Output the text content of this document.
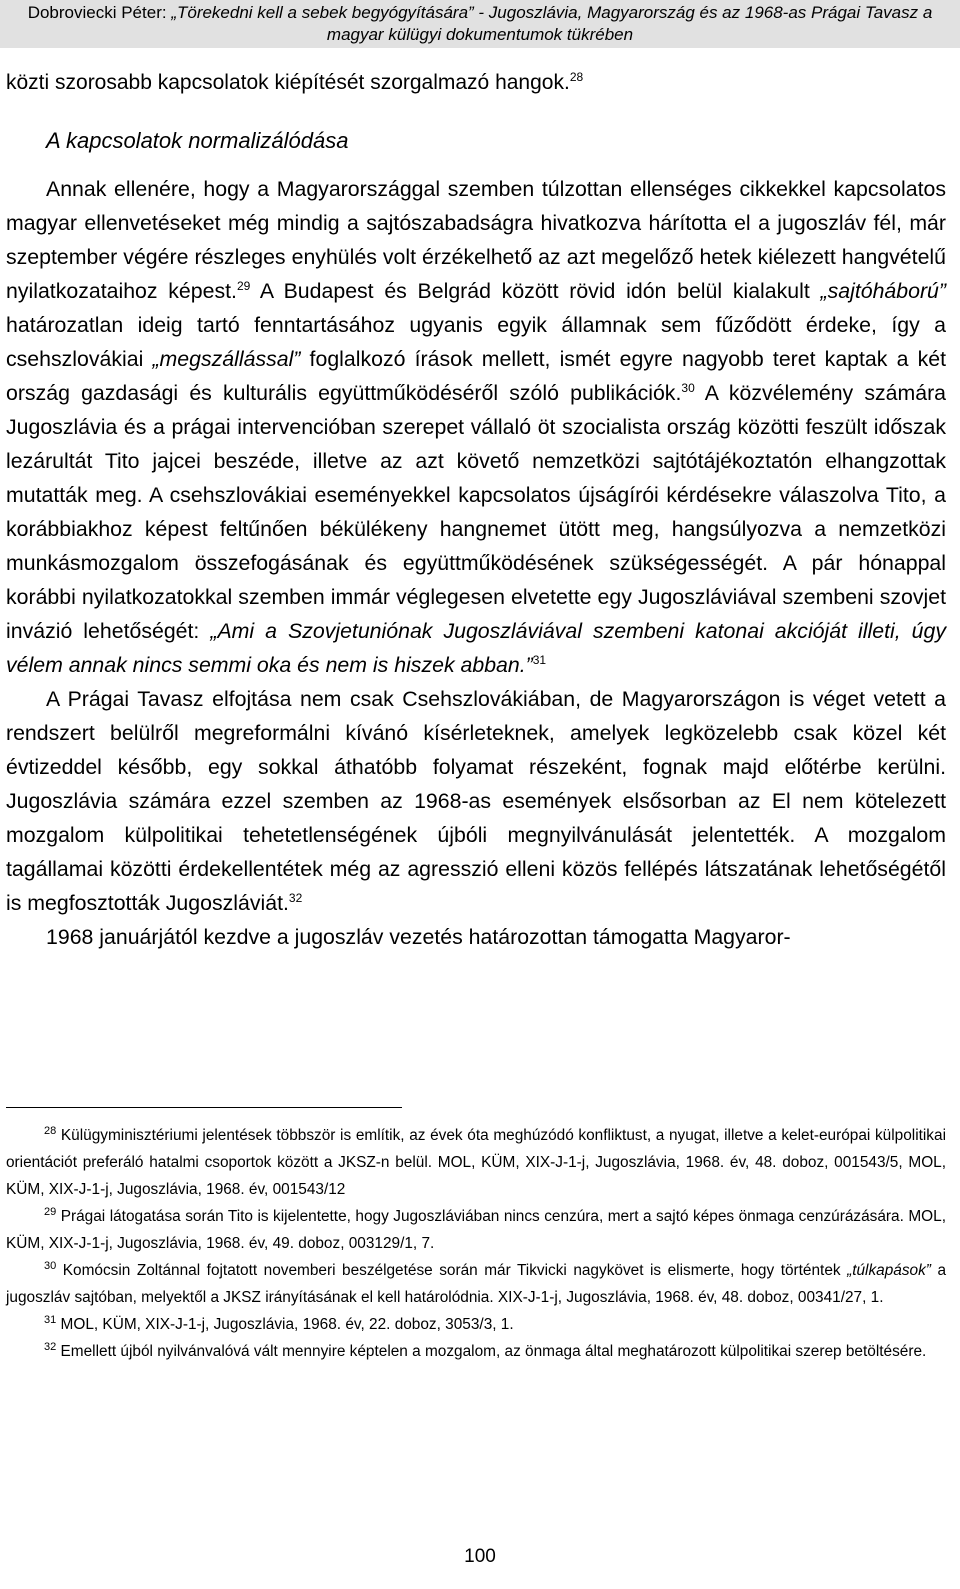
Dobroviecki Péter: „Törekedni kell a sebek begyógyítására” - Jugoszlávia, Magyarország és az 1968-as Prágai Tavasz a magyar külügyi dokumentumok tükrében

közti szorosabb kapcsolatok kiépítését szorgalmazó hangok.$^{28}$

A kapcsolatok normalizálódása

Annak ellenére, hogy a Magyarországgal szemben túlzottan ellenséges cikkekkel kapcsolatos magyar ellenvetéseket még mindig a sajtószabadságra hivatkozva hárította el a jugoszláv fél, már szeptember végére részleges enyhülés volt érzékelhető az azt megelőző hetek kiélezett hangvételű nyilatkozataihoz képest.$^{29}$ A Budapest és Belgrád között rövid idón belül kialakult „sajtóháború” határozatlan ideig tartó fenntartásához ugyanis egyik államnak sem fűződött érdeke, így a csehszlovákiai „megszállással” foglalkozó írások mellett, ismét egyre nagyobb teret kaptak a két ország gazdasági és kulturális együttműködéséről szóló publikációk.$^{30}$ A közvélemény számára Jugoszlávia és a prágai intervencióban szerepet vállaló öt szocialista ország közötti feszült időszak lezárultát Tito jajcei beszéde, illetve az azt követő nemzetközi sajtótájékoztatón elhangzottak mutatták meg. A csehszlovákiai eseményekkel kapcsolatos újságírói kérdésekre válaszolva Tito, a korábbiakhoz képest feltűnően békülékeny hangnemet ütött meg, hangsúlyozva a nemzetközi munkásmozgalom összefogásának és együttműködésének szükségességét. A pár hónappal korábbi nyilatkozatokkal szemben immár véglegesen elvetette egy Jugoszláviával szembeni szovjet invázió lehetőségét: „Ami a Szovjetuniónak Jugoszláviával szembeni katonai akcióját illeti, úgy vélem annak nincs semmi oka és nem is hiszek abban.”$^{31}$

A Prágai Tavasz elfojtása nem csak Csehszlovákiában, de Magyarországon is véget vetett a rendszert belülről megreformálni kívánó kísérleteknek, amelyek legközelebb csak közel két évtizeddel később, egy sokkal áthatóbb folyamat részeként, fognak majd előtérbe kerülni. Jugoszlávia számára ezzel szemben az 1968-as események elsősorban az El nem kötelezett mozgalom külpolitikai tehetetlenségének újbóli megnyilvánulását jelentették. A mozgalom tagállamai közötti érdekellentétek még az agresszió elleni közös fellépés látszatának lehetőségétől is megfosztották Jugoszláviát.$^{32}$

1968 januárjától kezdve a jugoszláv vezetés határozottan támogatta Magyaror-

$^{28}$ Külügyminisztériumi jelentések többször is említik, az évek óta meghúzódó konfliktust, a nyugat, illetve a kelet-európai külpolitikai orientációt preferáló hatalmi csoportok között a JKSZ-n belül. MOL, KÜM, XIX-J-1-j, Jugoszlávia, 1968. év, 48. doboz, 001543/5, MOL, KÜM, XIX-J-1-j, Jugoszlávia, 1968. év, 001543/12

$^{29}$ Prágai látogatása során Tito is kijelentette, hogy Jugoszláviában nincs cenzúra, mert a sajtó képes önmaga cenzúrázására. MOL, KÜM, XIX-J-1-j, Jugoszlávia, 1968. év, 49. doboz, 003129/1, 7.

$^{30}$ Komócsin Zoltánnal fojtatott novemberi beszélgetése során már Tikvicki nagykövet is elismerte, hogy történtek „túlkapások” a jugoszláv sajtóban, melyektől a JKSZ irányításának el kell határolódnia. XIX-J-1-j, Jugoszlávia, 1968. év, 48. doboz, 00341/27, 1.

$^{31}$ MOL, KÜM, XIX-J-1-j, Jugoszlávia, 1968. év, 22. doboz, 3053/3, 1.

$^{32}$ Emellett újból nyilvánvalóvá vált mennyire képtelen a mozgalom, az önmaga által meghatározott külpolitikai szerep betöltésére.

100
